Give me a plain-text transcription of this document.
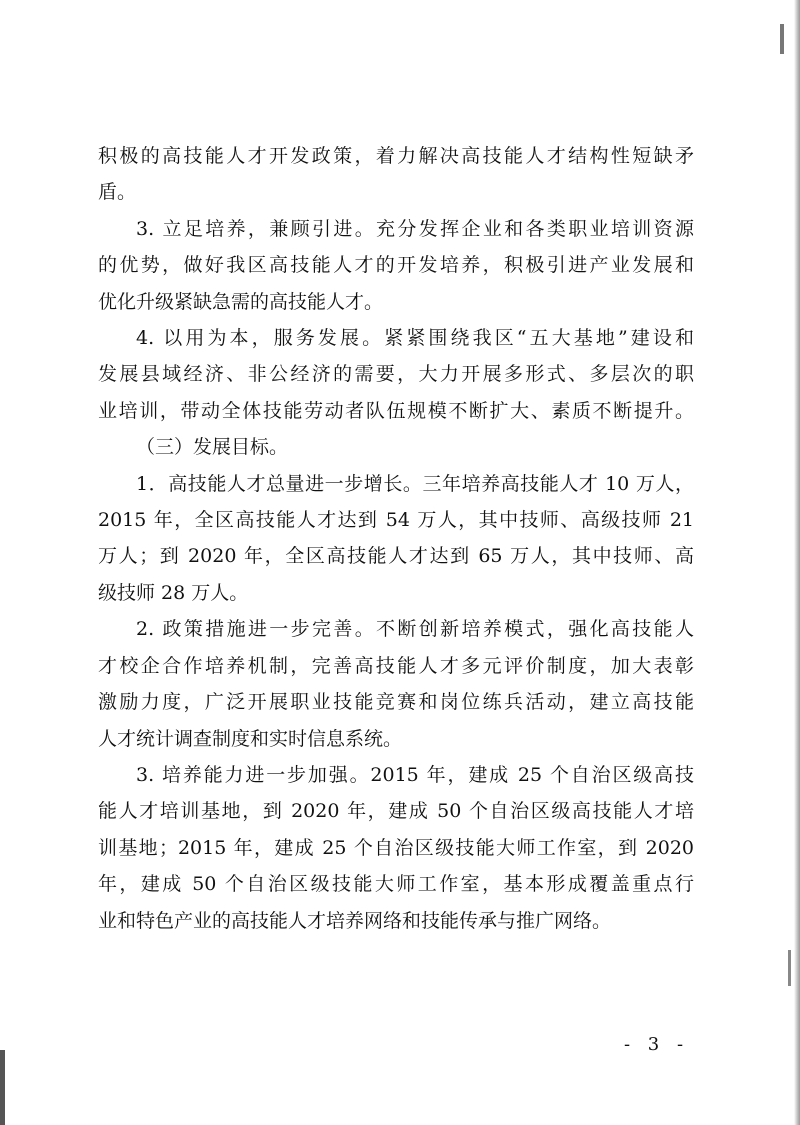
积极的高技能人才开发政策，着力解决高技能人才结构性短缺矛

盾。

3. 立足培养，兼顾引进。充分发挥企业和各类职业培训资源

的优势，做好我区高技能人才的开发培养，积极引进产业发展和

优化升级紧缺急需的高技能人才。

4. 以用为本，服务发展。紧紧围绕我区“五大基地”建设和

发展县域经济、非公经济的需要，大力开展多形式、多层次的职

业培训，带动全体技能劳动者队伍规模不断扩大、素质不断提升。

（三）发展目标。

1．高技能人才总量进一步增长。三年培养高技能人才 10 万人，

2015 年，全区高技能人才达到 54 万人，其中技师、高级技师 21

万人；到 2020 年，全区高技能人才达到 65 万人，其中技师、高

级技师 28 万人。

2. 政策措施进一步完善。不断创新培养模式，强化高技能人

才校企合作培养机制，完善高技能人才多元评价制度，加大表彰

激励力度，广泛开展职业技能竞赛和岗位练兵活动，建立高技能

人才统计调查制度和实时信息系统。

3. 培养能力进一步加强。2015 年，建成 25 个自治区级高技

能人才培训基地，到 2020 年，建成 50 个自治区级高技能人才培

训基地；2015 年，建成 25 个自治区级技能大师工作室，到 2020

年，建成 50 个自治区级技能大师工作室，基本形成覆盖重点行

业和特色产业的高技能人才培养网络和技能传承与推广网络。

- 3 -
